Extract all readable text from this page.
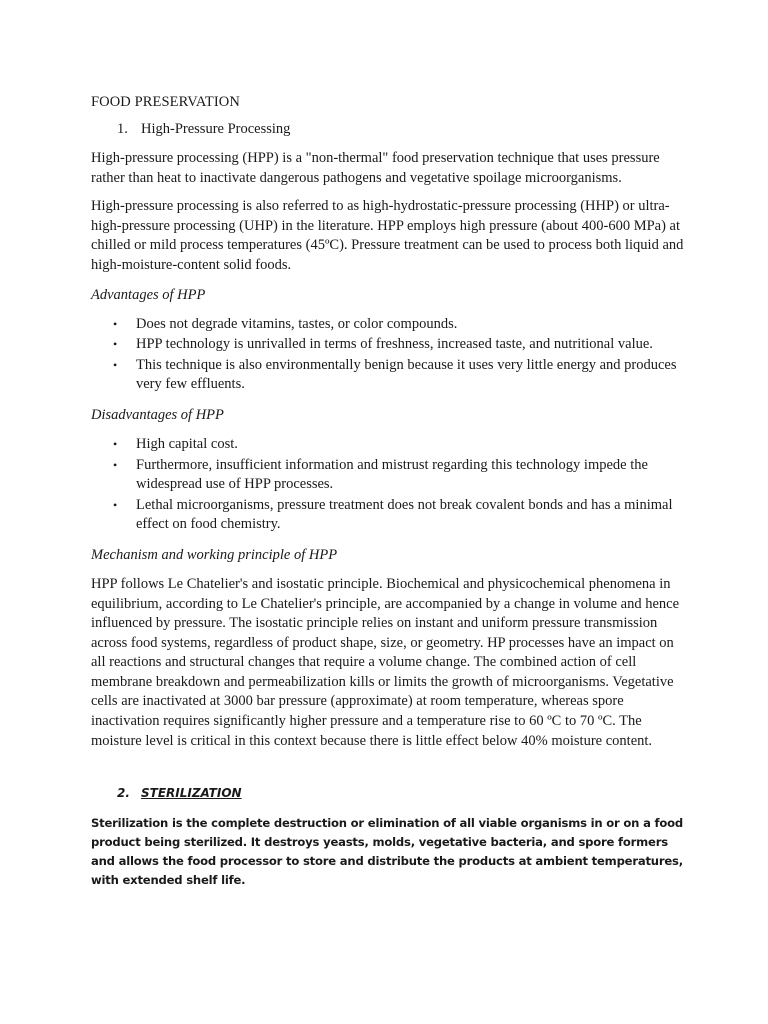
FOOD PRESERVATION
1. High-Pressure Processing

High-pressure processing (HPP) is a "non-thermal" food preservation technique that uses pressure rather than heat to inactivate dangerous pathogens and vegetative spoilage microorganisms.

High-pressure processing is also referred to as high-hydrostatic-pressure processing (HHP) or ultra-high-pressure processing (UHP) in the literature. HPP employs high pressure (about 400-600 MPa) at chilled or mild process temperatures (45ºC). Pressure treatment can be used to process both liquid and high-moisture-content solid foods.

Advantages of HPP
•	Does not degrade vitamins, tastes, or color compounds.
•	HPP technology is unrivalled in terms of freshness, increased taste, and nutritional value.
•	This technique is also environmentally benign because it uses very little energy and produces very few effluents.
Disadvantages of HPP
•	High capital cost.
•	Furthermore, insufficient information and mistrust regarding this technology impede the widespread use of HPP processes.
•	Lethal microorganisms, pressure treatment does not break covalent bonds and has a minimal effect on food chemistry.
Mechanism and working principle of HPP

HPP follows Le Chatelier's and isostatic principle. Biochemical and physicochemical phenomena in equilibrium, according to Le Chatelier's principle, are accompanied by a change in volume and hence influenced by pressure. The isostatic principle relies on instant and uniform pressure transmission across food systems, regardless of product shape, size, or geometry. HP processes have an impact on all reactions and structural changes that require a volume change. The combined action of cell membrane breakdown and permeabilization kills or limits the growth of microorganisms. Vegetative cells are inactivated at 3000 bar pressure (approximate) at room temperature, whereas spore inactivation requires significantly higher pressure and a temperature rise to 60 ºC to 70 ºC. The moisture level is critical in this context because there is little effect below 40% moisture content.

2. STERILIZATION

Sterilization is the complete destruction or elimination of all viable organisms in or on a food product being sterilized. It destroys yeasts, molds, vegetative bacteria, and spore formers and allows the food processor to store and distribute the products at ambient temperatures, with extended shelf life.
